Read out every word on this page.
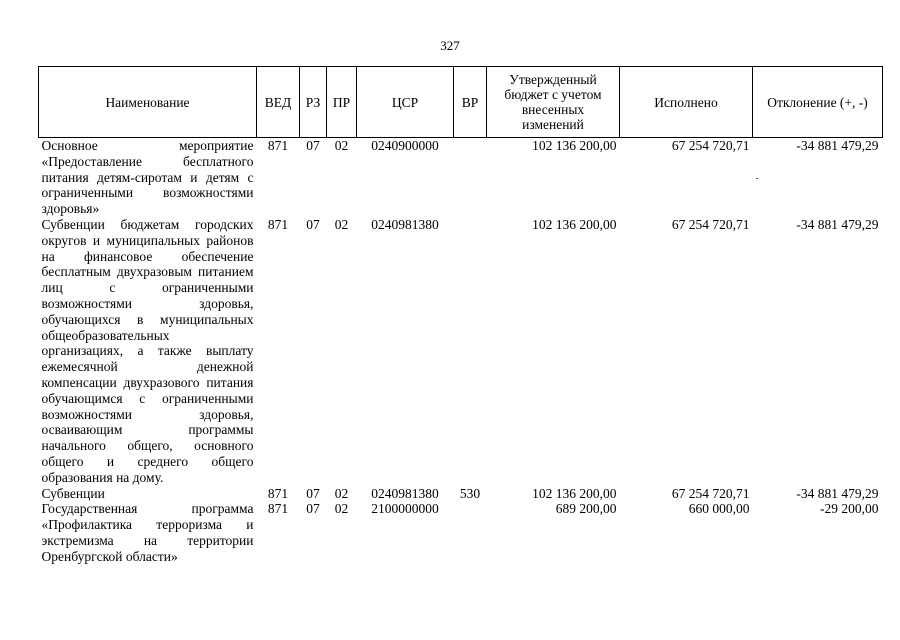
327
Наименование	ВЕД	РЗ	ПР	ЦСР	ВР	Утвержденный бюджет с учетом внесенных изменений	Исполнено	Отклонение (+, -)
Основное мероприятие «Предоставление бесплатного питания детям-сиротам и детям с ограниченными возможностями здоровья»	871	07	02	0240900000		102 136 200,00	67 254 720,71	-34 881 479,29
Субвенции бюджетам городских округов и муниципальных районов на финансовое обеспечение бесплатным двухразовым питанием лиц с ограниченными возможностями здоровья, обучающихся в муниципальных общеобразовательных организациях, а также выплату ежемесячной денежной компенсации двухразового питания обучающимся с ограниченными возможностями здоровья, осваивающим программы начального общего, основного общего и среднего общего образования на дому.	871	07	02	0240981380		102 136 200,00	67 254 720,71	-34 881 479,29
Субвенции	871	07	02	0240981380	530	102 136 200,00	67 254 720,71	-34 881 479,29
Государственная программа «Профилактика терроризма и экстремизма на территории Оренбургской области»	871	07	02	2100000000		689 200,00	660 000,00	-29 200,00
